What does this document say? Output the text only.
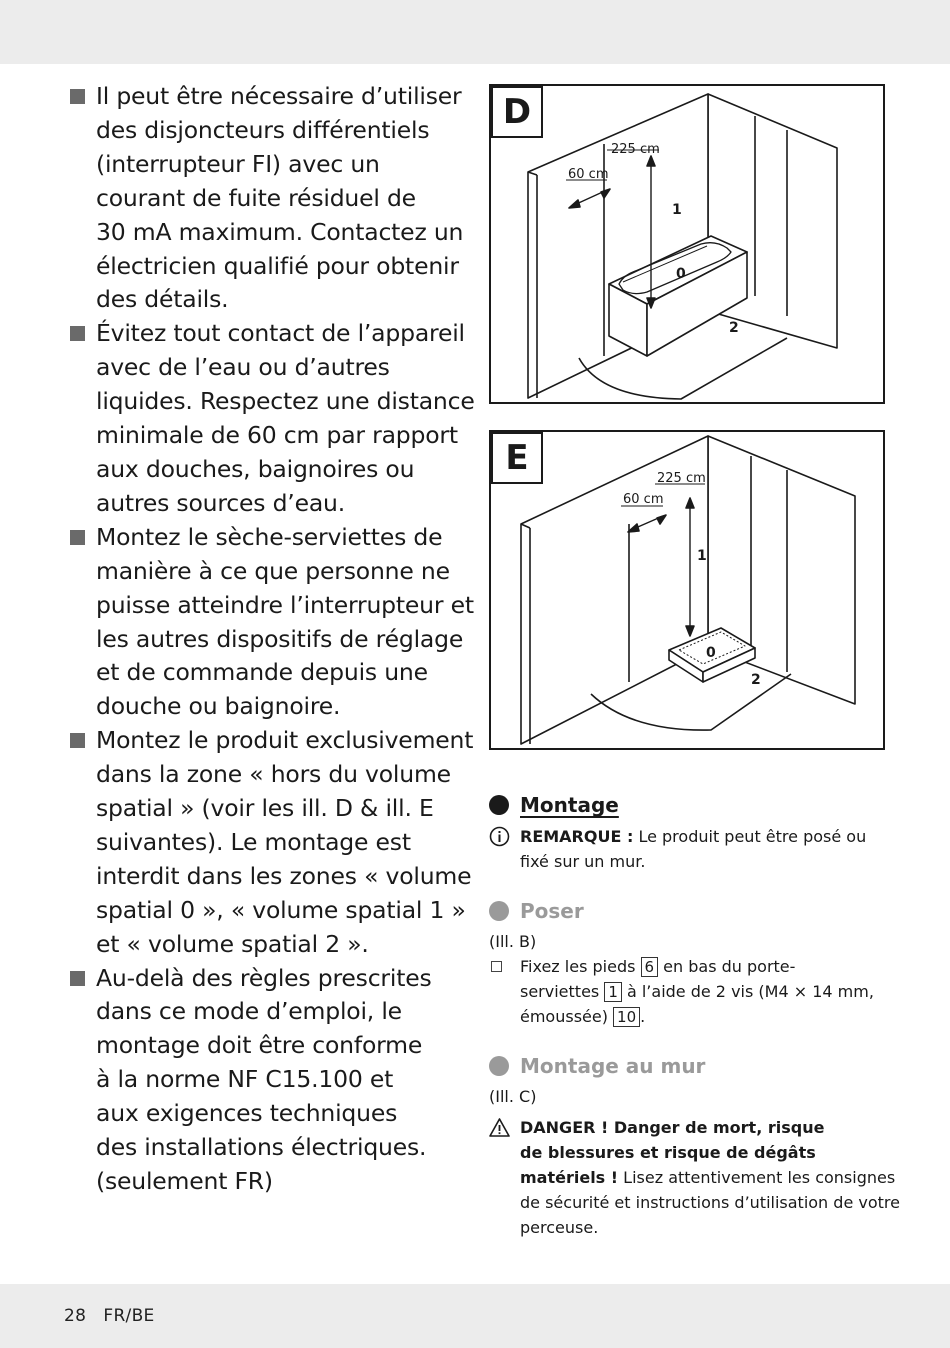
Il peut être nécessaire d’utiliser
des disjoncteurs différentiels
(interrupteur FI) avec un
courant de fuite résiduel de
30 mA maximum. Contactez un
électricien qualifié pour obtenir
des détails.
Évitez tout contact de l’appareil
avec de l’eau ou d’autres
liquides. Respectez une distance
minimale de 60 cm par rapport
aux douches, baignoires ou
autres sources d’eau.
Montez le sèche-serviettes de
manière à ce que personne ne
puisse atteindre l’interrupteur et
les autres dispositifs de réglage
et de commande depuis une
douche ou baignoire.
Montez le produit exclusivement
dans la zone « hors du volume
spatial » (voir les ill. D & ill. E
suivantes). Le montage est
interdit dans les zones « volume
spatial 0 », « volume spatial 1 »
et « volume spatial 2 ».
Au-delà des règles prescrites
dans ce mode d’emploi, le
montage doit être conforme
à la norme NF C15.100 et
aux exigences techniques
des installations électriques.
(seulement FR)
225 cm
60 cm
1
0
2
D
225 cm
60 cm
1
0
2
E
Montage
REMARQUE : Le produit peut être posé ou
fixé sur un mur.
Poser
(Ill. B)
Fixez les pieds 6 en bas du porte-
serviettes 1 à l’aide de 2 vis (M4 × 14 mm,
émoussée) 10 .
Montage au mur
(Ill. C)
DANGER ! Danger de mort, risque
de blessures et risque de dégâts
matériels ! Lisez attentivement les consignes
de sécurité et instructions d’utilisation de votre
perceuse.
28 FR/BE
